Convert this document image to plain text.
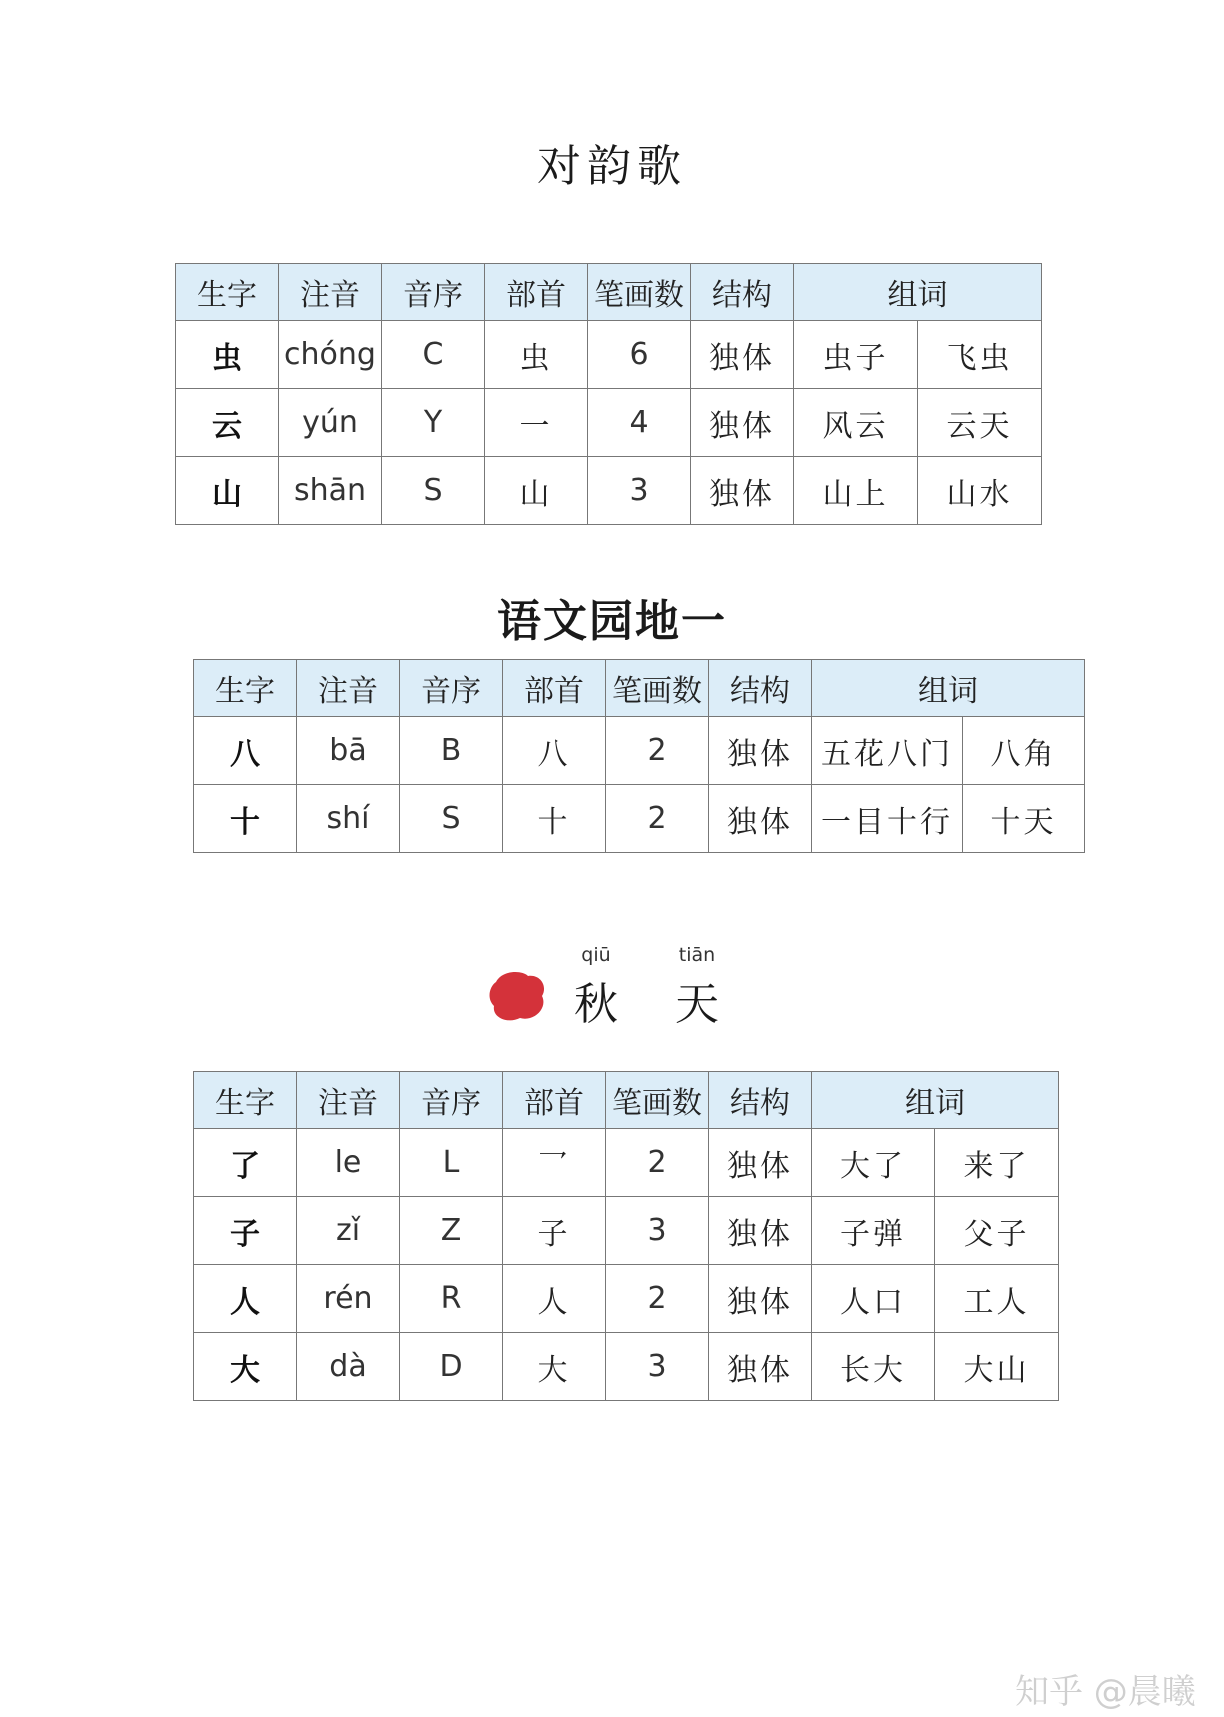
对韵歌
生字	注音	音序	部首	笔画数	结构	组词	
虫	chóng	C	虫	6	独体	虫子	飞虫
云	yún	Y	一	4	独体	风云	云天
山	shān	S	山	3	独体	山上	山水
语文园地一
生字	注音	音序	部首	笔画数	结构	组词	
八	bā	B	八	2	独体	五花八门	八角
十	shí	S	十	2	独体	一目十行	十天
qiū
秋
tiān
天
生字	注音	音序	部首	笔画数	结构	组词	
了	le	L	乛	2	独体	大了	来了
子	zǐ	Z	子	3	独体	子弹	父子
人	rén	R	人	2	独体	人口	工人
大	dà	D	大	3	独体	长大	大山
知乎 @晨曦
